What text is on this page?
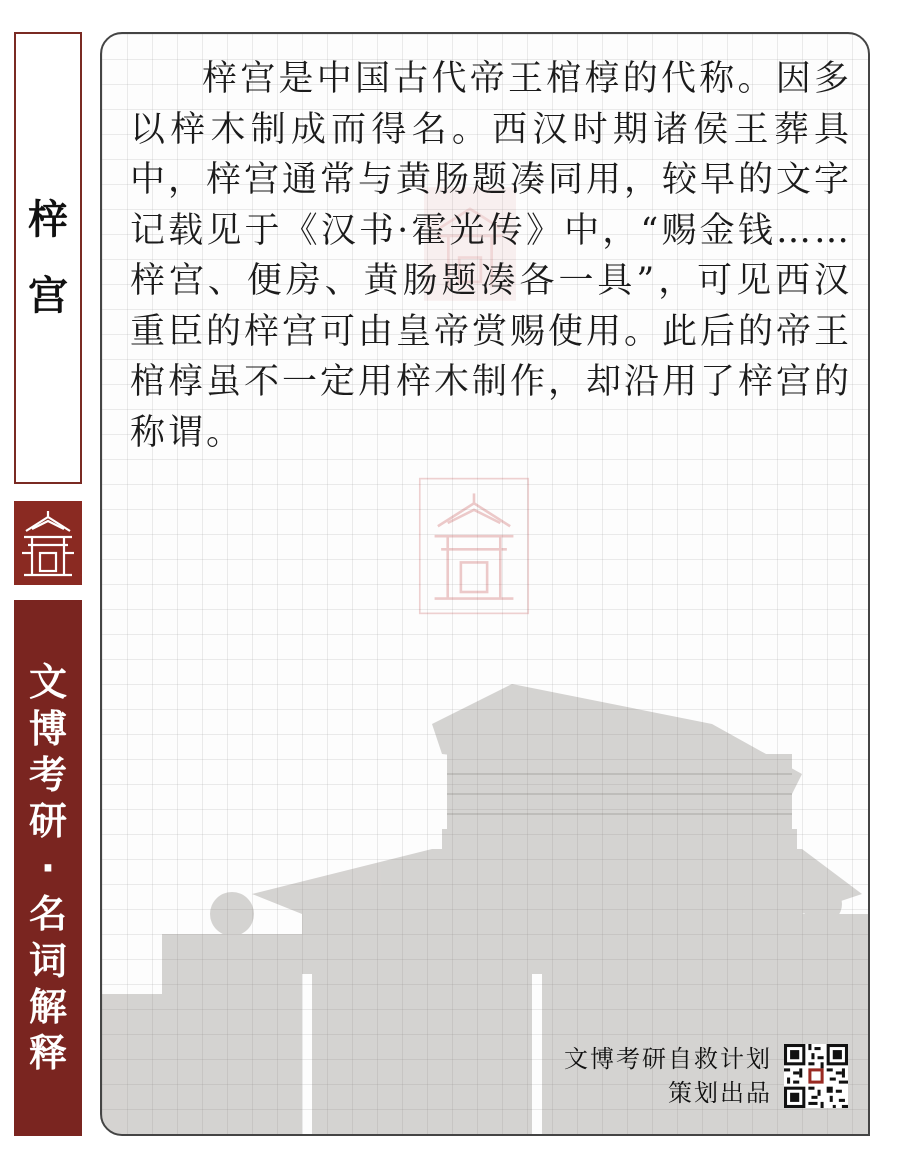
梓
宫
文
博
考
研
·
名
词
解
释

梓宫是中国古代帝王棺椁的代称。因多以梓木制成而得名。西汉时期诸侯王葬具中，梓宫通常与黄肠题凑同用，较早的文字记载见于《汉书·霍光传》中，“赐金钱……梓宫、便房、黄肠题凑各一具”，可见西汉重臣的梓宫可由皇帝赏赐使用。此后的帝王棺椁虽不一定用梓木制作，却沿用了梓宫的称谓。

文博考研自救计划
策划出品
